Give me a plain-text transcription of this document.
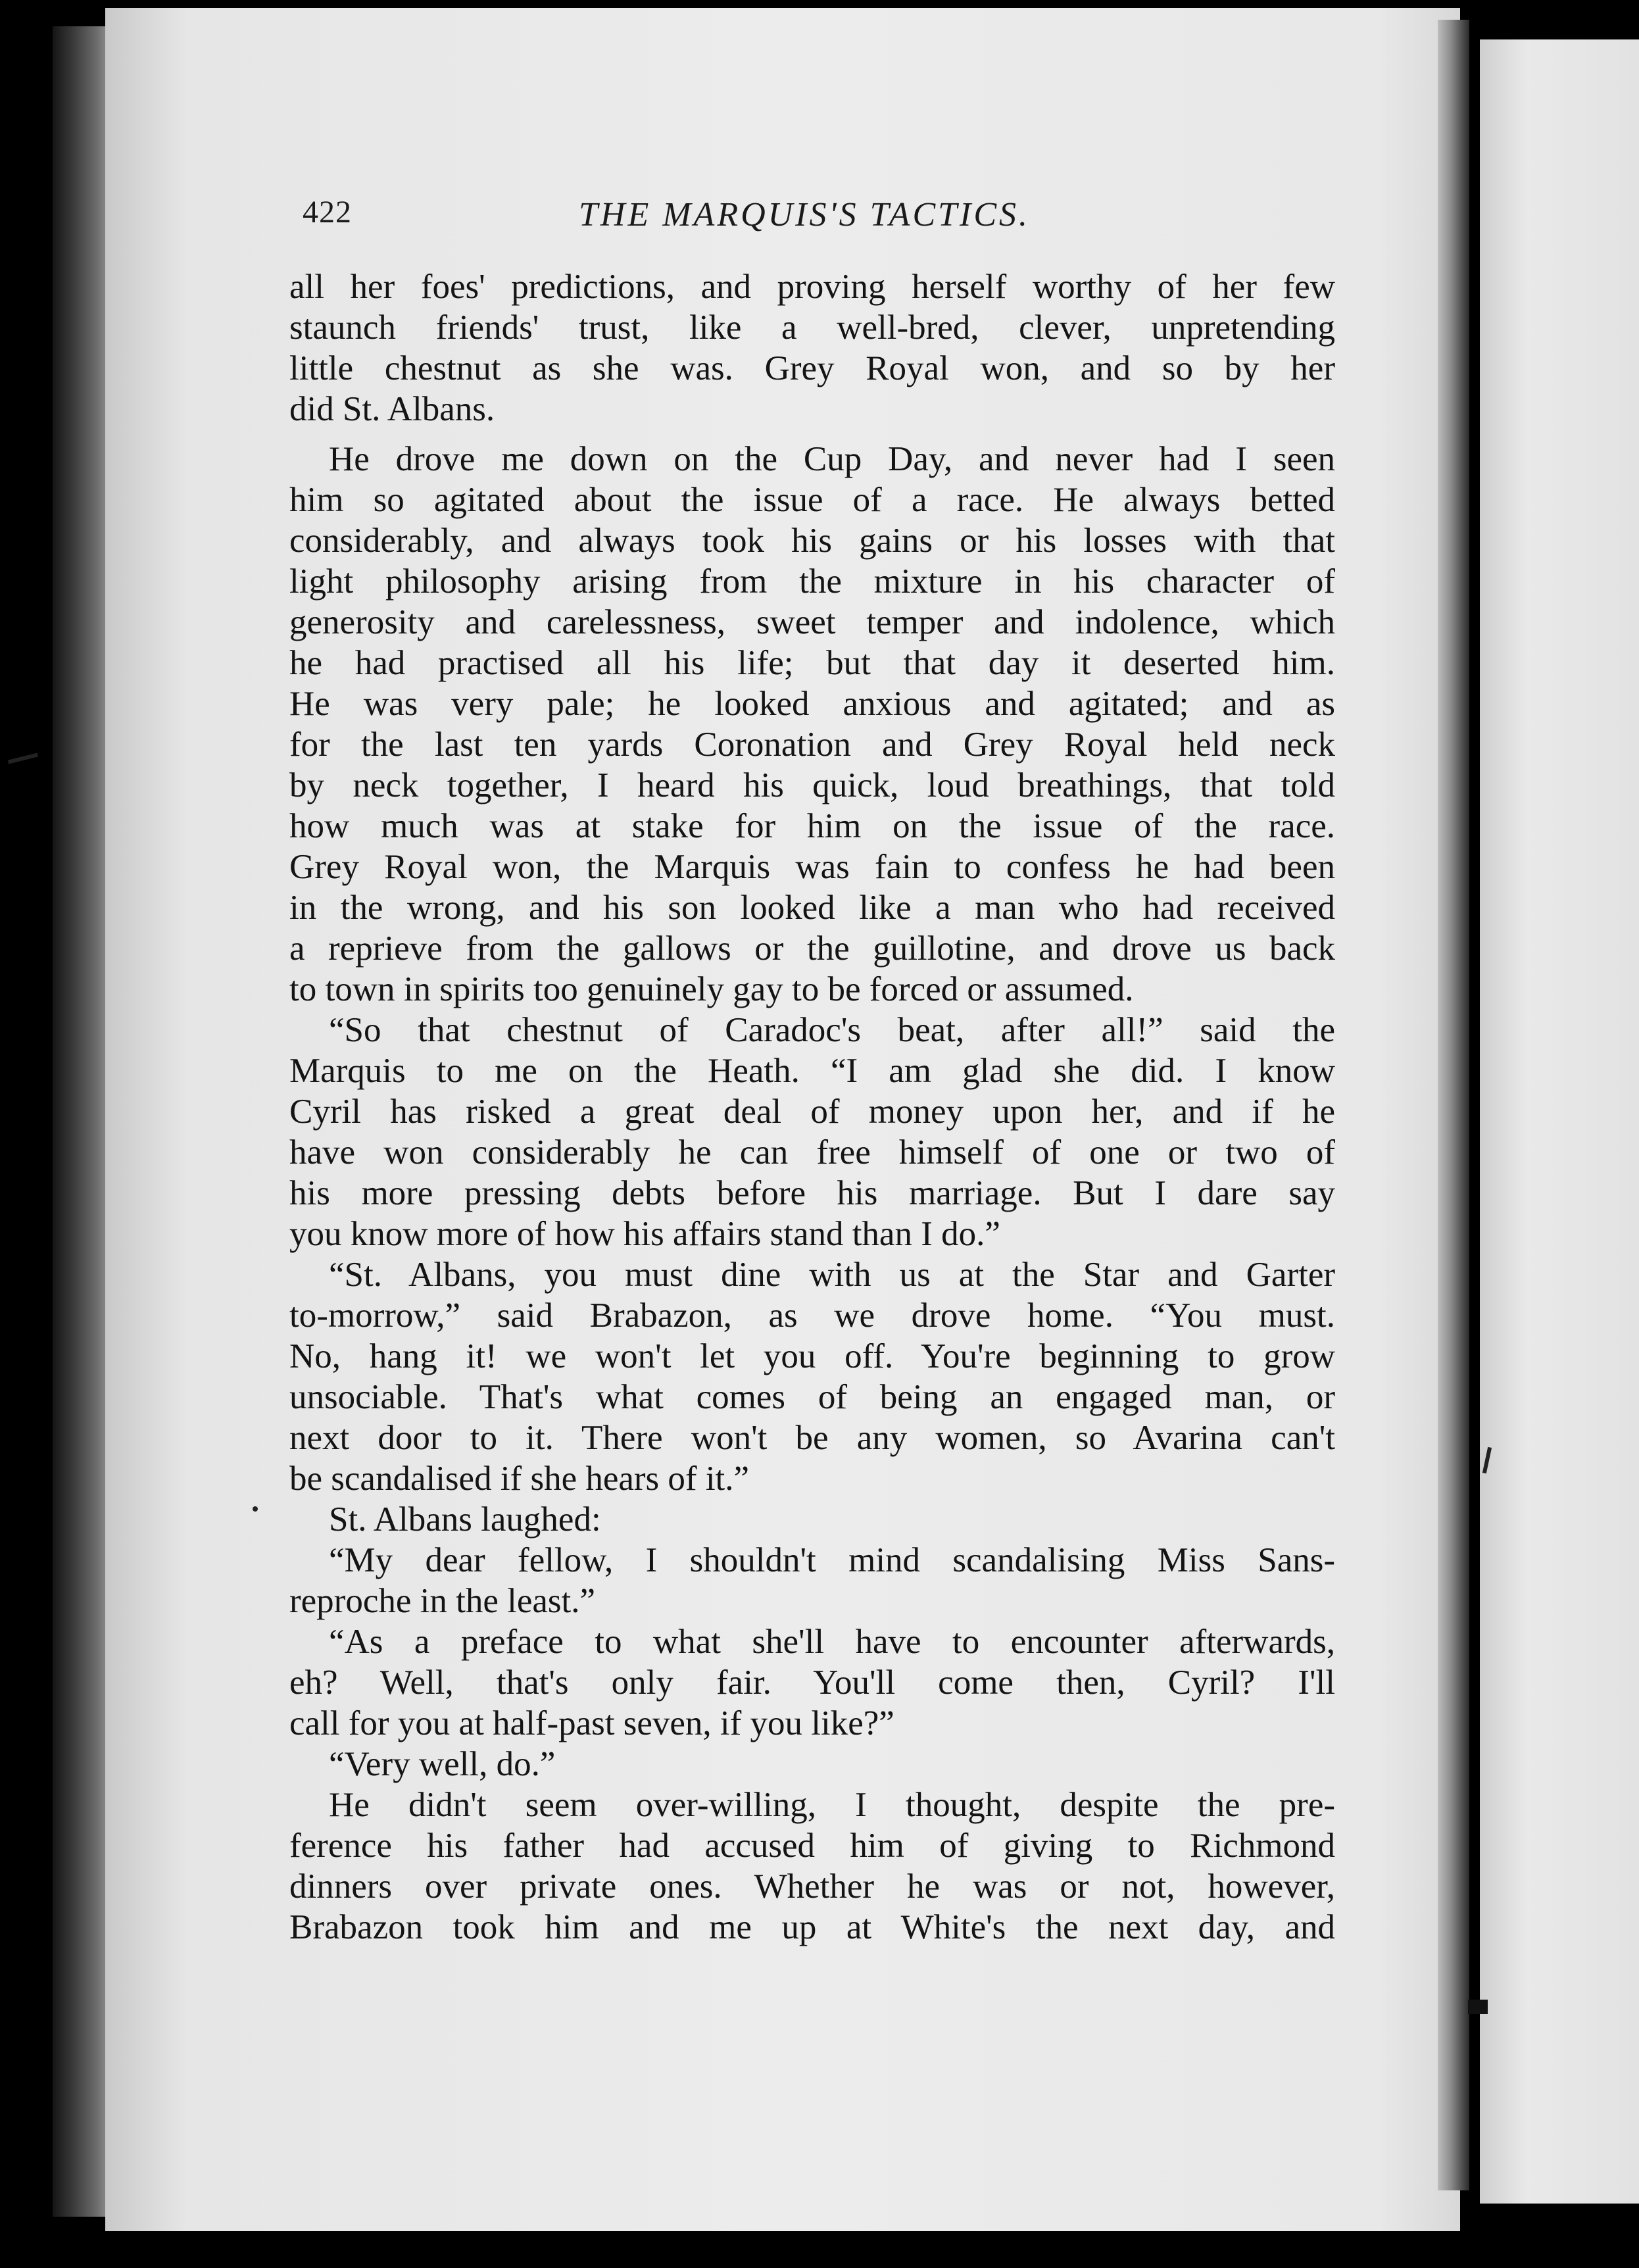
422	THE MARQUIS'S TACTICS.
all her foes' predictions, and proving herself worthy of her few
staunch friends' trust, like a well-bred, clever, unpretending
little chestnut as she was. Grey Royal won, and so by her
did St. Albans.
He drove me down on the Cup Day, and never had I seen
him so agitated about the issue of a race. He always betted
considerably, and always took his gains or his losses with that
light philosophy arising from the mixture in his character of
generosity and carelessness, sweet temper and indolence, which
he had practised all his life; but that day it deserted him.
He was very pale; he looked anxious and agitated; and as
for the last ten yards Coronation and Grey Royal held neck
by neck together, I heard his quick, loud breathings, that told
how much was at stake for him on the issue of the race.
Grey Royal won, the Marquis was fain to confess he had been
in the wrong, and his son looked like a man who had received
a reprieve from the gallows or the guillotine, and drove us back
to town in spirits too genuinely gay to be forced or assumed.
“So that chestnut of Caradoc's beat, after all!” said the
Marquis to me on the Heath. “I am glad she did. I know
Cyril has risked a great deal of money upon her, and if he
have won considerably he can free himself of one or two of
his more pressing debts before his marriage. But I dare say
you know more of how his affairs stand than I do.”
“St. Albans, you must dine with us at the Star and Garter
to-morrow,” said Brabazon, as we drove home. “You must.
No, hang it! we won't let you off. You're beginning to grow
unsociable. That's what comes of being an engaged man, or
next door to it. There won't be any women, so Avarina can't
be scandalised if she hears of it.”
St. Albans laughed:
“My dear fellow, I shouldn't mind scandalising Miss Sans-
reproche in the least.”
“As a preface to what she'll have to encounter afterwards,
eh? Well, that's only fair. You'll come then, Cyril? I'll
call for you at half-past seven, if you like?”
“Very well, do.”
He didn't seem over-willing, I thought, despite the pre-
ference his father had accused him of giving to Richmond
dinners over private ones. Whether he was or not, however,
Brabazon took him and me up at White's the next day, and
